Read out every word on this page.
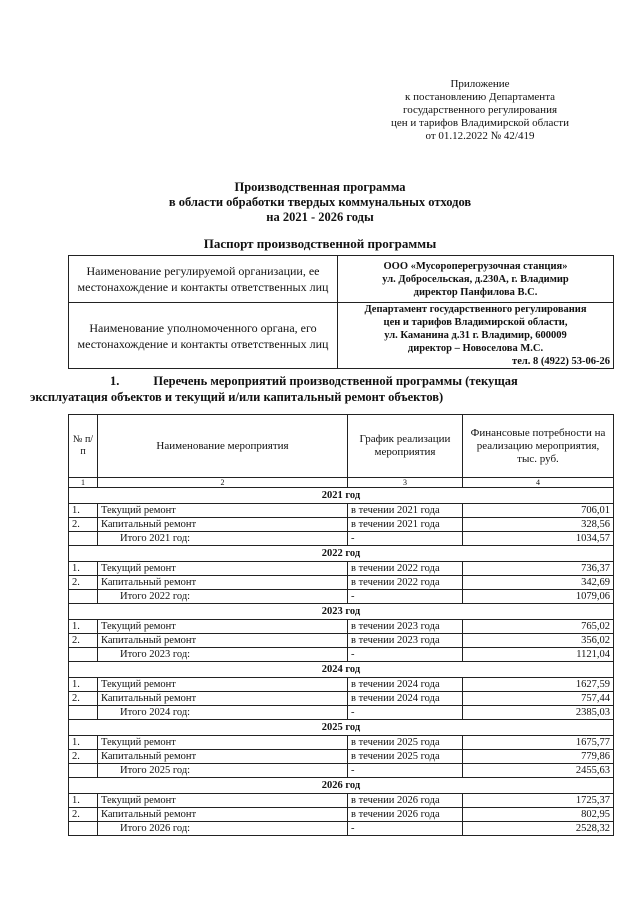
Приложение
к постановлению Департамента
государственного регулирования
цен и тарифов Владимирской области
от 01.12.2022 № 42/419
Производственная программа
в области обработки твердых коммунальных отходов
на 2021 - 2026 годы
Паспорт производственной программы
Наименование регулируемой организации, ее местонахождение и контакты ответственных лиц	ООО «Мусороперегрузочная станция»
ул. Добросельская, д.230А, г. Владимир
директор Панфилова В.С.

Наименование уполномоченного органа, его местонахождение и контакты ответственных лиц	Департамент государственного регулирования
цен и тарифов Владимирской области,
ул. Каманина д.31 г. Владимир, 600009
директор – Новоселова М.С.
тел. 8 (4922) 53-06-26
1.	Перечень мероприятий производственной программы (текущая
эксплуатация объектов и текущий и/или капитальный ремонт объектов)
№ п/п	Наименование мероприятия	График реализации мероприятия	Финансовые потребности на реализацию мероприятия, тыс. руб.
1	2	3	4
2021 год			
1.	Текущий ремонт	в течении 2021 года	706,01
2.	Капитальный ремонт	в течении 2021 года	328,56
	Итого 2021 год:	-	1034,57
2022 год			
1.	Текущий ремонт	в течении 2022 года	736,37
2.	Капитальный ремонт	в течении 2022 года	342,69
	Итого 2022 год:	-	1079,06
2023 год			
1.	Текущий ремонт	в течении 2023 года	765,02
2.	Капитальный ремонт	в течении 2023 года	356,02
	Итого 2023 год:	-	1121,04
2024 год			
1.	Текущий ремонт	в течении 2024 года	1627,59
2.	Капитальный ремонт	в течении 2024 года	757,44
	Итого 2024 год:	-	2385,03
2025 год			
1.	Текущий ремонт	в течении 2025 года	1675,77
2.	Капитальный ремонт	в течении 2025 года	779,86
	Итого 2025 год:	-	2455,63
2026 год			
1.	Текущий ремонт	в течении 2026 года	1725,37
2.	Капитальный ремонт	в течении 2026 года	802,95
	Итого 2026 год:	-	2528,32
